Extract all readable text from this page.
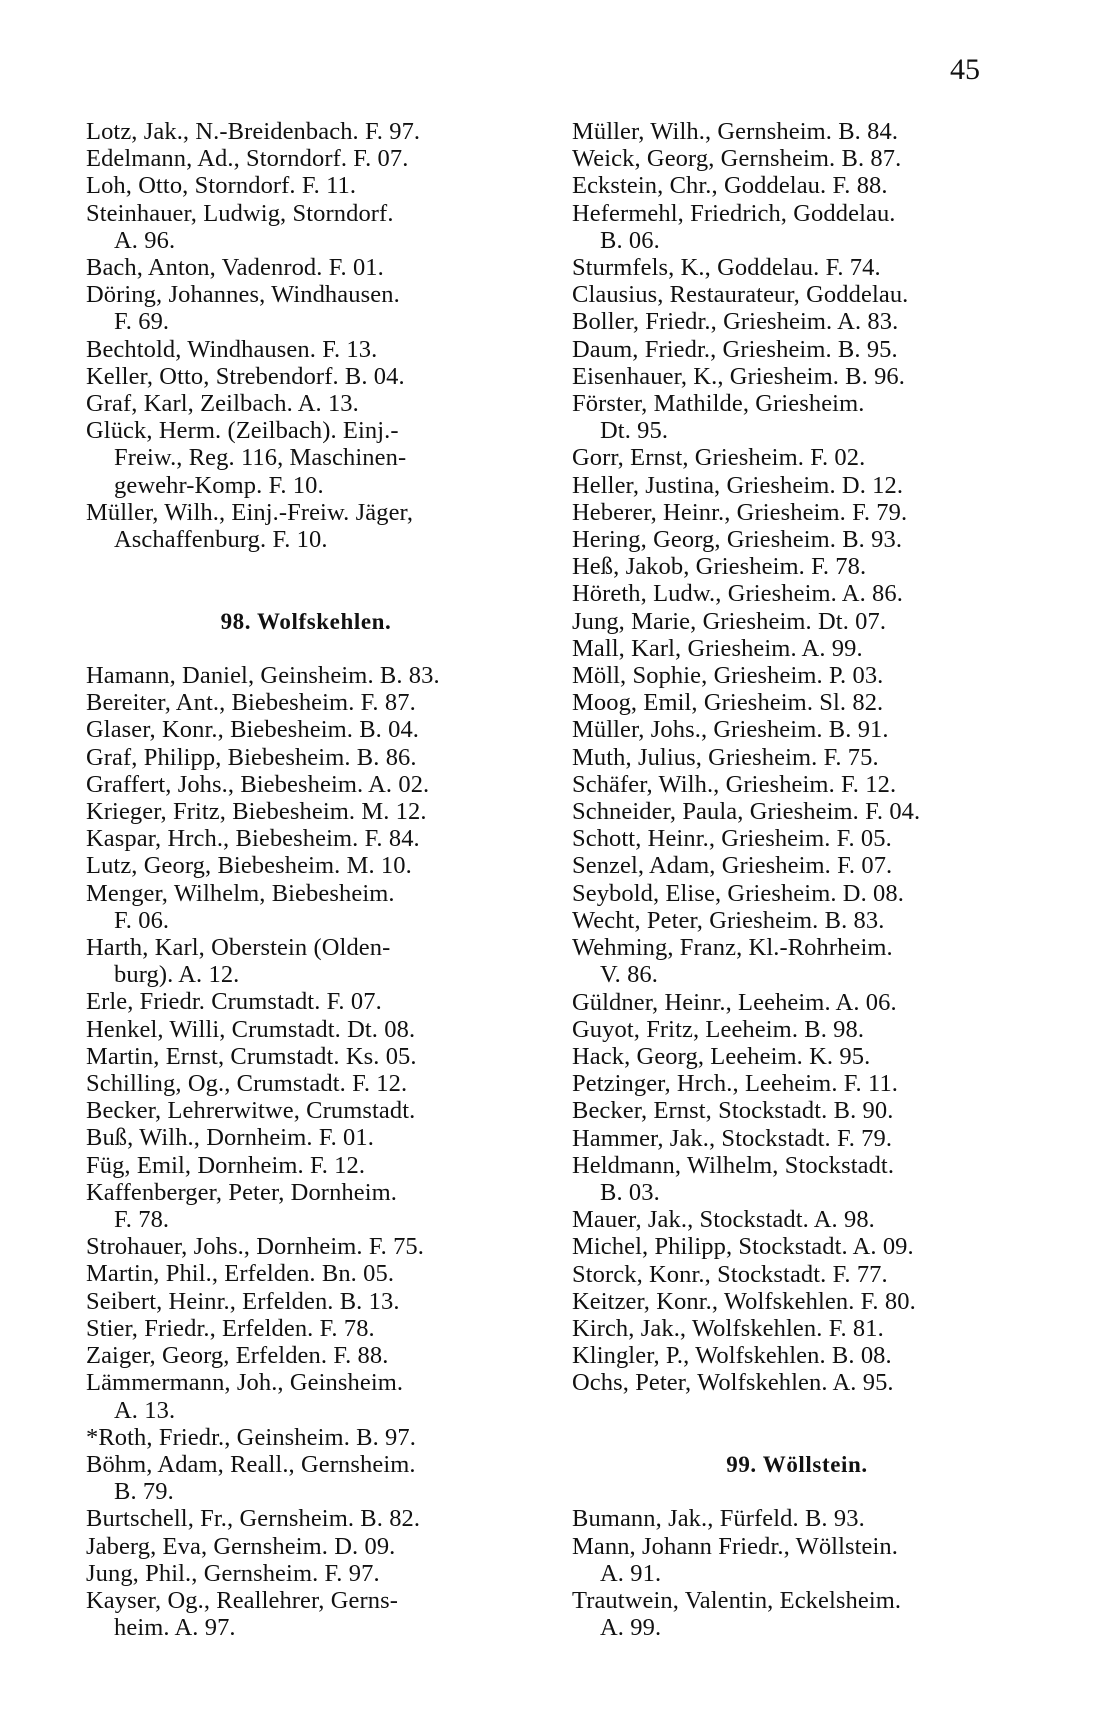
45
Lotz, Jak., N.-Breidenbach. F. 97.
Edelmann, Ad., Storndorf. F. 07.
Loh, Otto, Storndorf. F. 11.
Steinhauer, Ludwig, Storndorf.
A. 96.
Bach, Anton, Vadenrod. F. 01.
Döring, Johannes, Windhausen.
F. 69.
Bechtold, Windhausen. F. 13.
Keller, Otto, Strebendorf. B. 04.
Graf, Karl, Zeilbach. A. 13.
Glück, Herm. (Zeilbach). Einj.-
Freiw., Reg. 116, Maschinen-
gewehr-Komp. F. 10.
Müller, Wilh., Einj.-Freiw. Jäger,
Aschaffenburg. F. 10.
98. Wolfskehlen.
Hamann, Daniel, Geinsheim. B. 83.
Bereiter, Ant., Biebesheim. F. 87.
Glaser, Konr., Biebesheim. B. 04.
Graf, Philipp, Biebesheim. B. 86.
Graffert, Johs., Biebesheim. A. 02.
Krieger, Fritz, Biebesheim. M. 12.
Kaspar, Hrch., Biebesheim. F. 84.
Lutz, Georg, Biebesheim. M. 10.
Menger, Wilhelm, Biebesheim.
F. 06.
Harth, Karl, Oberstein (Olden-
burg). A. 12.
Erle, Friedr. Crumstadt. F. 07.
Henkel, Willi, Crumstadt. Dt. 08.
Martin, Ernst, Crumstadt. Ks. 05.
Schilling, Og., Crumstadt. F. 12.
Becker, Lehrerwitwe, Crumstadt.
Buß, Wilh., Dornheim. F. 01.
Füg, Emil, Dornheim. F. 12.
Kaffenberger, Peter, Dornheim.
F. 78.
Strohauer, Johs., Dornheim. F. 75.
Martin, Phil., Erfelden. Bn. 05.
Seibert, Heinr., Erfelden. B. 13.
Stier, Friedr., Erfelden. F. 78.
Zaiger, Georg, Erfelden. F. 88.
Lämmermann, Joh., Geinsheim.
A. 13.
*Roth, Friedr., Geinsheim. B. 97.
Böhm, Adam, Reall., Gernsheim.
B. 79.
Burtschell, Fr., Gernsheim. B. 82.
Jaberg, Eva, Gernsheim. D. 09.
Jung, Phil., Gernsheim. F. 97.
Kayser, Og., Reallehrer, Gerns-
heim. A. 97.
Müller, Wilh., Gernsheim. B. 84.
Weick, Georg, Gernsheim. B. 87.
Eckstein, Chr., Goddelau. F. 88.
Hefermehl, Friedrich, Goddelau.
B. 06.
Sturmfels, K., Goddelau. F. 74.
Clausius, Restaurateur, Goddelau.
Boller, Friedr., Griesheim. A. 83.
Daum, Friedr., Griesheim. B. 95.
Eisenhauer, K., Griesheim. B. 96.
Förster, Mathilde, Griesheim.
Dt. 95.
Gorr, Ernst, Griesheim. F. 02.
Heller, Justina, Griesheim. D. 12.
Heberer, Heinr., Griesheim. F. 79.
Hering, Georg, Griesheim. B. 93.
Heß, Jakob, Griesheim. F. 78.
Höreth, Ludw., Griesheim. A. 86.
Jung, Marie, Griesheim. Dt. 07.
Mall, Karl, Griesheim. A. 99.
Möll, Sophie, Griesheim. P. 03.
Moog, Emil, Griesheim. Sl. 82.
Müller, Johs., Griesheim. B. 91.
Muth, Julius, Griesheim. F. 75.
Schäfer, Wilh., Griesheim. F. 12.
Schneider, Paula, Griesheim. F. 04.
Schott, Heinr., Griesheim. F. 05.
Senzel, Adam, Griesheim. F. 07.
Seybold, Elise, Griesheim. D. 08.
Wecht, Peter, Griesheim. B. 83.
Wehming, Franz, Kl.-Rohrheim.
V. 86.
Güldner, Heinr., Leeheim. A. 06.
Guyot, Fritz, Leeheim. B. 98.
Hack, Georg, Leeheim. K. 95.
Petzinger, Hrch., Leeheim. F. 11.
Becker, Ernst, Stockstadt. B. 90.
Hammer, Jak., Stockstadt. F. 79.
Heldmann, Wilhelm, Stockstadt.
B. 03.
Mauer, Jak., Stockstadt. A. 98.
Michel, Philipp, Stockstadt. A. 09.
Storck, Konr., Stockstadt. F. 77.
Keitzer, Konr., Wolfskehlen. F. 80.
Kirch, Jak., Wolfskehlen. F. 81.
Klingler, P., Wolfskehlen. B. 08.
Ochs, Peter, Wolfskehlen. A. 95.
99. Wöllstein.
Bumann, Jak., Fürfeld. B. 93.
Mann, Johann Friedr., Wöllstein.
A. 91.
Trautwein, Valentin, Eckelsheim.
A. 99.
